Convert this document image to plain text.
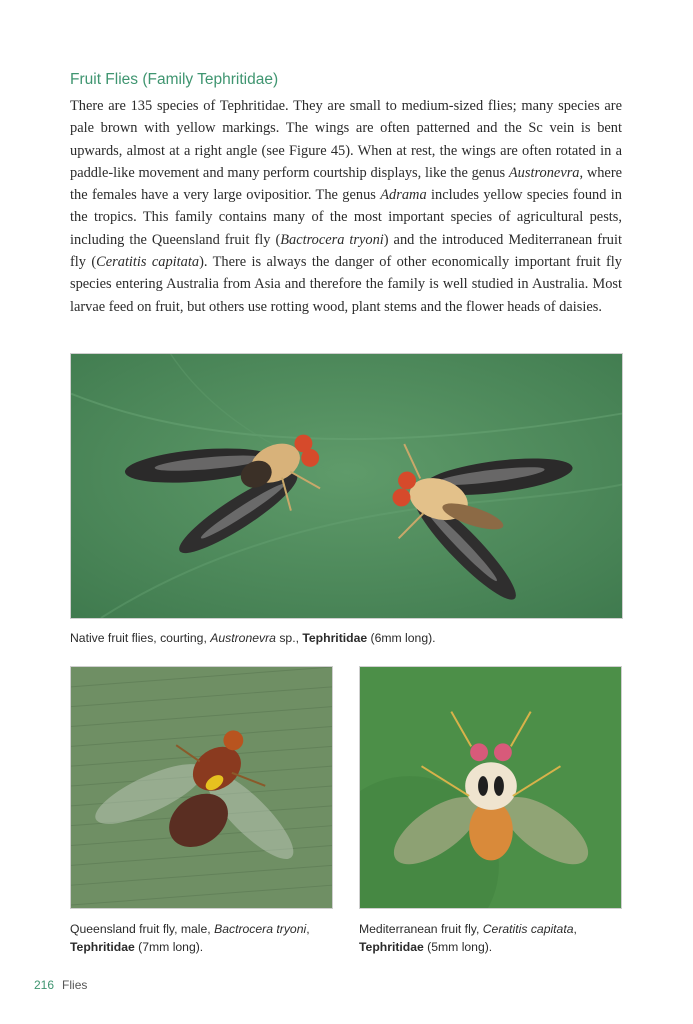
Fruit Flies (Family Tephritidae)

There are 135 species of Tephritidae. They are small to medium-sized flies; many species are pale brown with yellow markings. The wings are often patterned and the Sc vein is bent upwards, almost at a right angle (see Figure 45). When at rest, the wings are often rotated in a paddle-like movement and many perform courtship displays, like the genus Austronevra, where the females have a very large ovipositior. The genus Adrama includes yellow species found in the tropics. This family contains many of the most important species of agricultural pests, including the Queensland fruit fly (Bactrocera tryoni) and the introduced Mediterranean fruit fly (Ceratitis capitata). There is always the danger of other economically important fruit fly species entering Australia from Asia and therefore the family is well studied in Australia. Most larvae feed on fruit, but others use rotting wood, plant stems and the flower heads of daisies.

Native fruit flies, courting, Austronevra sp., Tephritidae (6mm long).
Queensland fruit fly, male, Bactrocera tryoni,
Tephritidae (7mm long).
Mediterranean fruit fly, Ceratitis capitata,
Tephritidae (5mm long).
216 Flies
